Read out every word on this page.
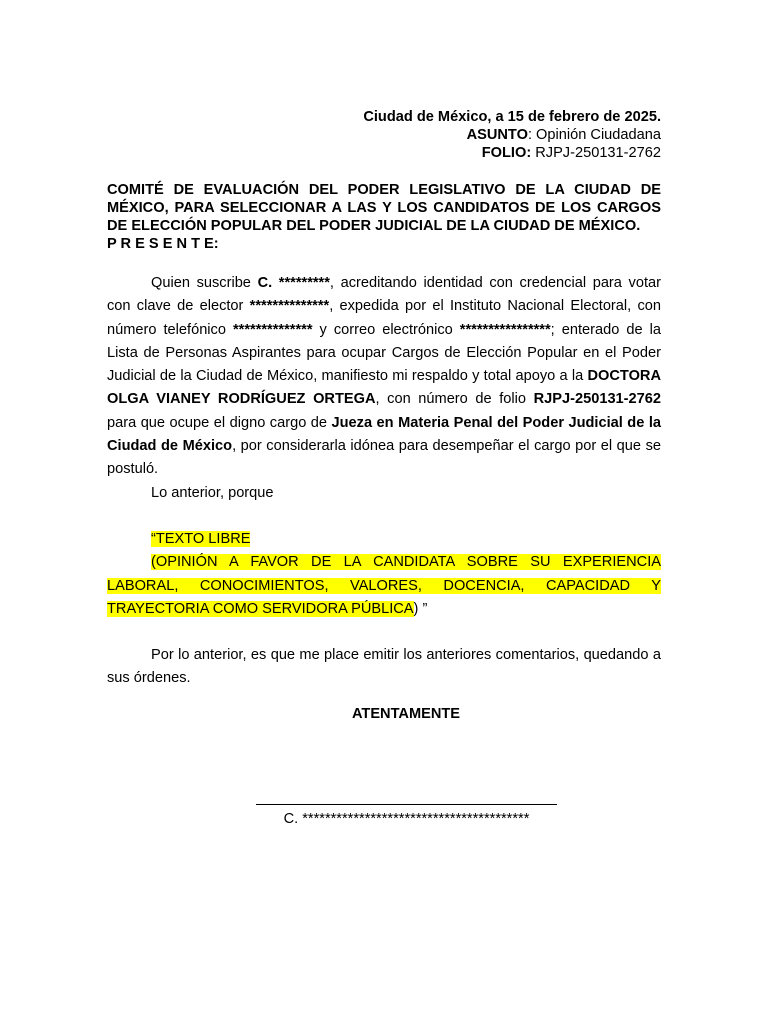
Ciudad de México, a 15 de febrero de 2025.
ASUNTO: Opinión Ciudadana
FOLIO: RJPJ-250131-2762
COMITÉ DE EVALUACIÓN DEL PODER LEGISLATIVO DE LA CIUDAD DE MÉXICO, PARA SELECCIONAR A LAS Y LOS CANDIDATOS DE LOS CARGOS DE ELECCIÓN POPULAR DEL PODER JUDICIAL DE LA CIUDAD DE MÉXICO.
P R E S E N T E:

Quien suscribe C. *********, acreditando identidad con credencial para votar con clave de elector **************, expedida por el Instituto Nacional Electoral, con número telefónico ************** y correo electrónico ****************; enterado de la Lista de Personas Aspirantes para ocupar Cargos de Elección Popular en el Poder Judicial de la Ciudad de México, manifiesto mi respaldo y total apoyo a la DOCTORA OLGA VIANEY RODRÍGUEZ ORTEGA, con número de folio RJPJ-250131-2762 para que ocupe el digno cargo de Jueza en Materia Penal del Poder Judicial de la Ciudad de México, por considerarla idónea para desempeñar el cargo por el que se postuló.

Lo anterior, porque

“TEXTO LIBRE

(OPINIÓN A FAVOR DE LA CANDIDATA SOBRE SU EXPERIENCIA LABORAL, CONOCIMIENTOS, VALORES, DOCENCIA, CAPACIDAD Y TRAYECTORIA COMO SERVIDORA PÚBLICA) ”

Por lo anterior, es que me place emitir los anteriores comentarios, quedando a sus órdenes.

ATENTAMENTE
C. ****************************************
